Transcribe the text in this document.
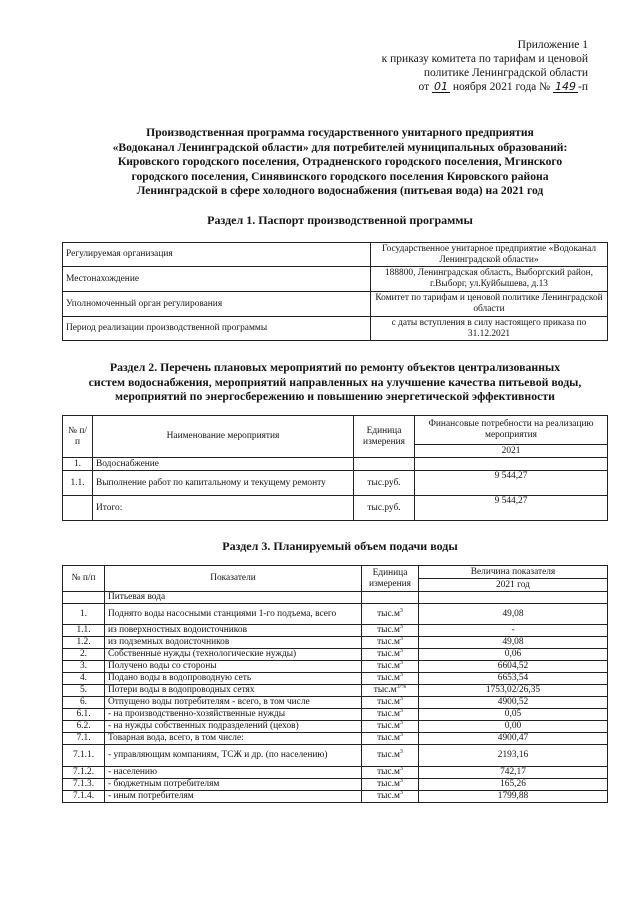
Приложение 1
к приказу комитета по тарифам и ценовой
политике Ленинградской области
от 01 ноября 2021 года № 149 -п
Производственная программа государственного унитарного предприятия
«Водоканал Ленинградской области» для потребителей муниципальных образований:
Кировского городского поселения, Отрадненского городского поселения, Мгинского
городского поселения, Синявинского городского поселения Кировского района
Ленинградской в сфере холодного водоснабжения (питьевая вода) на 2021 год
Раздел 1. Паспорт производственной программы
Регулируемая организация	Государственное унитарное предприятие «Водоканал Ленинградской области»
Местонахождение	188800, Ленинградская область, Выборгский район, г.Выборг, ул.Куйбышева, д.13
Уполномоченный орган регулирования	Комитет по тарифам и ценовой политике Ленинградской области
Период реализации производственной программы	с даты вступления в силу настоящего приказа по 31.12.2021
Раздел 2. Перечень плановых мероприятий по ремонту объектов централизованных
систем водоснабжения, мероприятий направленных на улучшение качества питьевой воды,
мероприятий по энергосбережению и повышению энергетической эффективности
№ п/п	Наименование мероприятия	Единица измерения	Финансовые потребности на реализацию мероприятия
			2021
1.	Водоснабжение		
1.1.	Выполнение работ по капитальному и текущему ремонту	тыс.руб.	9 544,27
	Итого:	тыс.руб.	9 544,27
Раздел 3. Планируемый объем подачи воды
№ п/п	Показатели	Единица измерения	Величина показателя
			2021 год
	Питьевая вода		
1.	Поднято воды насосными станциями 1-го подъема, всего	$тыс.м^3$	49,08
1.1.	из поверхностных водоисточников	$тыс.м^3$	-
1.2.	из подземных водоисточников	$тыс.м^3$	49,08
2.	Собственные нужды (технологические нужды)	$тыс.м^3$	0,06
3.	Получено воды со стороны	$тыс.м^3$	6604,52
4.	Подано воды в водопроводную сеть	$тыс.м^3$	6653,54
5.	Потери воды в водопроводных сетях	$тыс.м^{3/\%}$	1753,02/26,35
6.	Отпущено воды потребителям - всего, в том числе	$тыс.м^3$	4900,52
6.1.	- на производственно-хозяйственные нужды	$тыс.м^3$	0,05
6.2.	- на нужды собственных подразделений (цехов)	$тыс.м^3$	0,00
7.1.	Товарная вода, всего, в том числе:	$тыс.м^3$	4900,47
7.1.1.	- управляющим компаниям, ТСЖ и др. (по населению)	$тыс.м^3$	2193,16
7.1.2.	- населению	$тыс.м^3$	742,17
7.1.3.	- бюджетным потребителям	$тыс.м^3$	165,26
7.1.4.	- иным потребителям	$тыс.м^3$	1799,88
